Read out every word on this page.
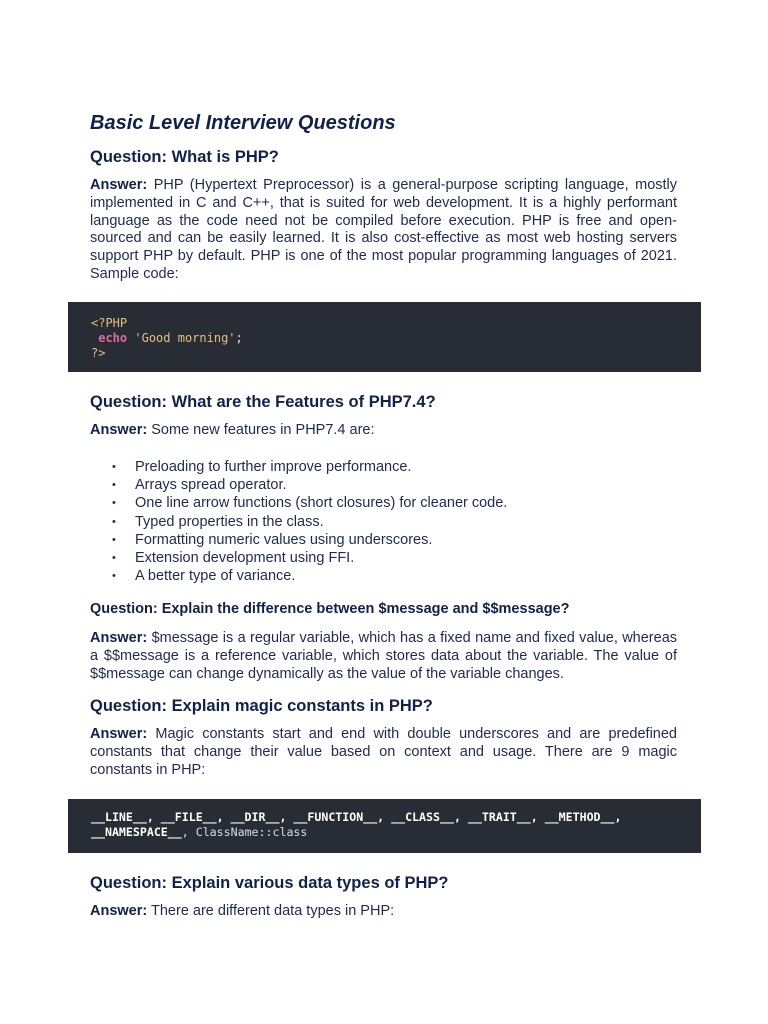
Basic Level Interview Questions

Question: What is PHP?

Answer: PHP (Hypertext Preprocessor) is a general-purpose scripting language, mostly implemented in C and C++, that is suited for web development. It is a highly performant language as the code need not be compiled before execution. PHP is free and open-sourced and can be easily learned. It is also cost-effective as most web hosting servers support PHP by default. PHP is one of the most popular programming languages of 2021. Sample code:

<?PHP
echo 'Good morning';
?>

Question: What are the Features of PHP7.4?

Answer: Some new features in PHP7.4 are:

• Preloading to further improve performance.
• Arrays spread operator.
• One line arrow functions (short closures) for cleaner code.
• Typed properties in the class.
• Formatting numeric values using underscores.
• Extension development using FFI.
• A better type of variance.

Question: Explain the difference between $message and $$message?

Answer: $message is a regular variable, which has a fixed name and fixed value, whereas a $$message is a reference variable, which stores data about the variable. The value of $$message can change dynamically as the value of the variable changes.

Question: Explain magic constants in PHP?

Answer: Magic constants start and end with double underscores and are predefined constants that change their value based on context and usage. There are 9 magic constants in PHP:

__LINE__, __FILE__, __DIR__, __FUNCTION__, __CLASS__, __TRAIT__, __METHOD__,
__NAMESPACE__, ClassName::class

Question: Explain various data types of PHP?

Answer: There are different data types in PHP:
